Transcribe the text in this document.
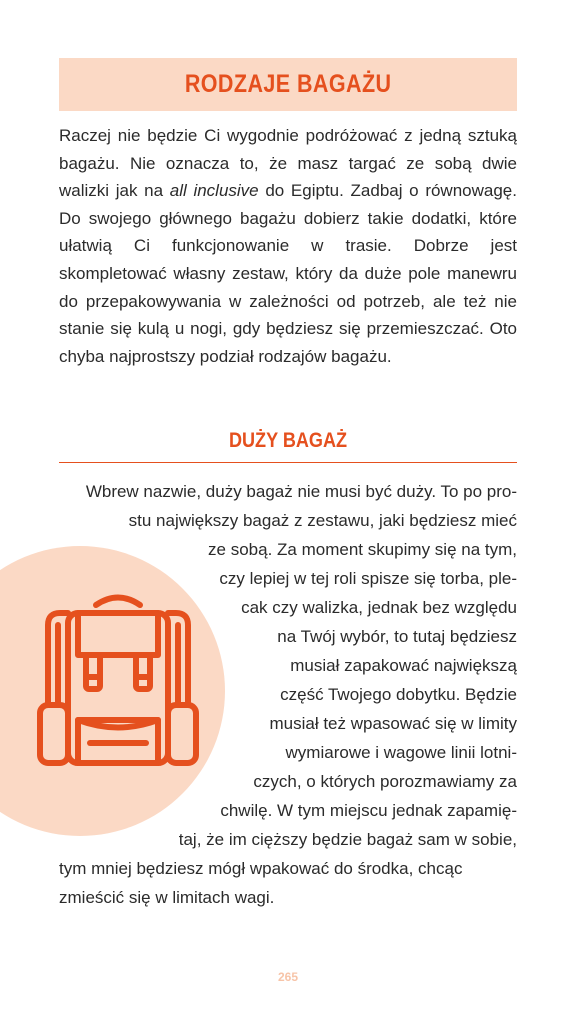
RODZAJE BAGAŻU

Raczej nie będzie Ci wygodnie podróżować z jedną sztuką bagażu. Nie oznacza to, że masz targać ze sobą dwie walizki jak na all inclusive do Egiptu. Zadbaj o równowagę. Do swojego głównego bagażu dobierz takie dodatki, które ułatwią Ci funkcjonowanie w trasie. Dobrze jest skompletować własny zestaw, który da duże pole manewru do przepakowywania w zależności od potrzeb, ale też nie stanie się kulą u nogi, gdy będziesz się przemieszczać. Oto chyba najprostszy podział rodzajów bagażu.

DUŻY BAGAŻ
Wbrew nazwie, duży bagaż nie musi być duży. To po pro-
stu największy bagaż z zestawu, jaki będziesz mieć
ze sobą. Za moment skupimy się na tym,
czy lepiej w tej roli spisze się torba, ple-
cak czy walizka, jednak bez względu
na Twój wybór, to tutaj będziesz
musiał zapakować największą
część Twojego dobytku. Będzie
musiał też wpasować się w limity
wymiarowe i wagowe linii lotni-
czych, o których porozmawiamy za
chwilę. W tym miejscu jednak zapamię-
taj, że im cięższy będzie bagaż sam w sobie,
tym mniej będziesz mógł wpakować do środka, chcąc
zmieścić się w limitach wagi.
265
